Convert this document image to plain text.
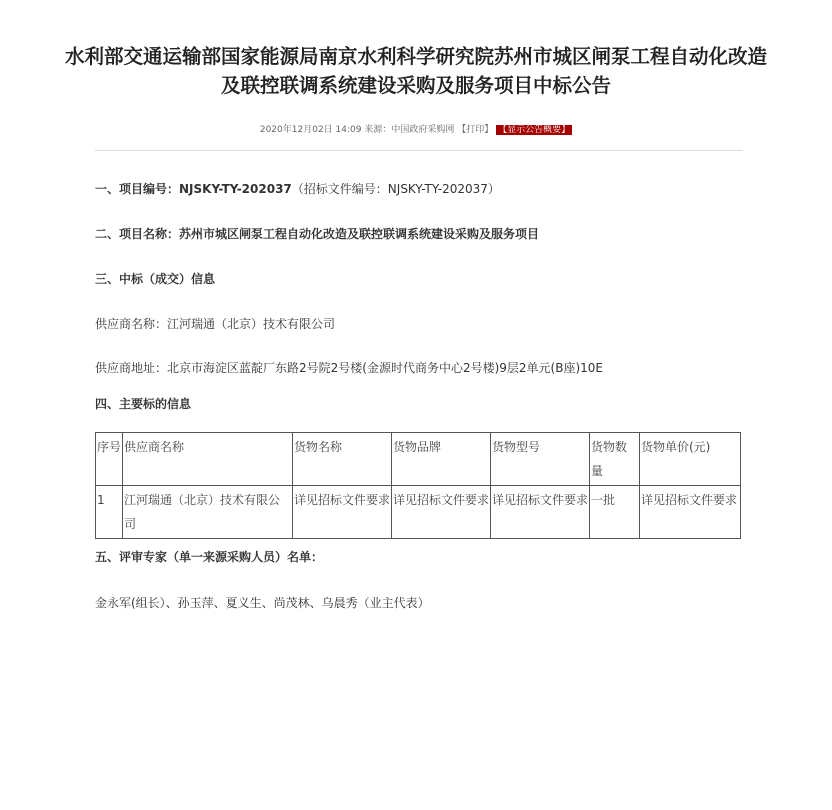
水利部交通运输部国家能源局南京水利科学研究院苏州市城区闸泵工程自动化改造
及联控联调系统建设采购及服务项目中标公告
2020年12月02日 14:09 来源：中国政府采购网 【打印】 【显示公告概要】
一、项目编号：NJSKY-TY-202037（招标文件编号：NJSKY-TY-202037）
二、项目名称：苏州市城区闸泵工程自动化改造及联控联调系统建设采购及服务项目
三、中标（成交）信息
供应商名称：江河瑞通（北京）技术有限公司
供应商地址：北京市海淀区蓝靛厂东路2号院2号楼(金源时代商务中心2号楼)9层2单元(B座)10E
四、主要标的信息
序号	供应商名称	货物名称	货物品牌	货物型号	货物数量	货物单价(元)
1	江河瑞通（北京）技术有限公司	详见招标文件要求	详见招标文件要求	详见招标文件要求	一批	详见招标文件要求
五、评审专家（单一来源采购人员）名单：
金永军(组长）、孙玉萍、夏义生、尚茂林、乌晨秀（业主代表）
